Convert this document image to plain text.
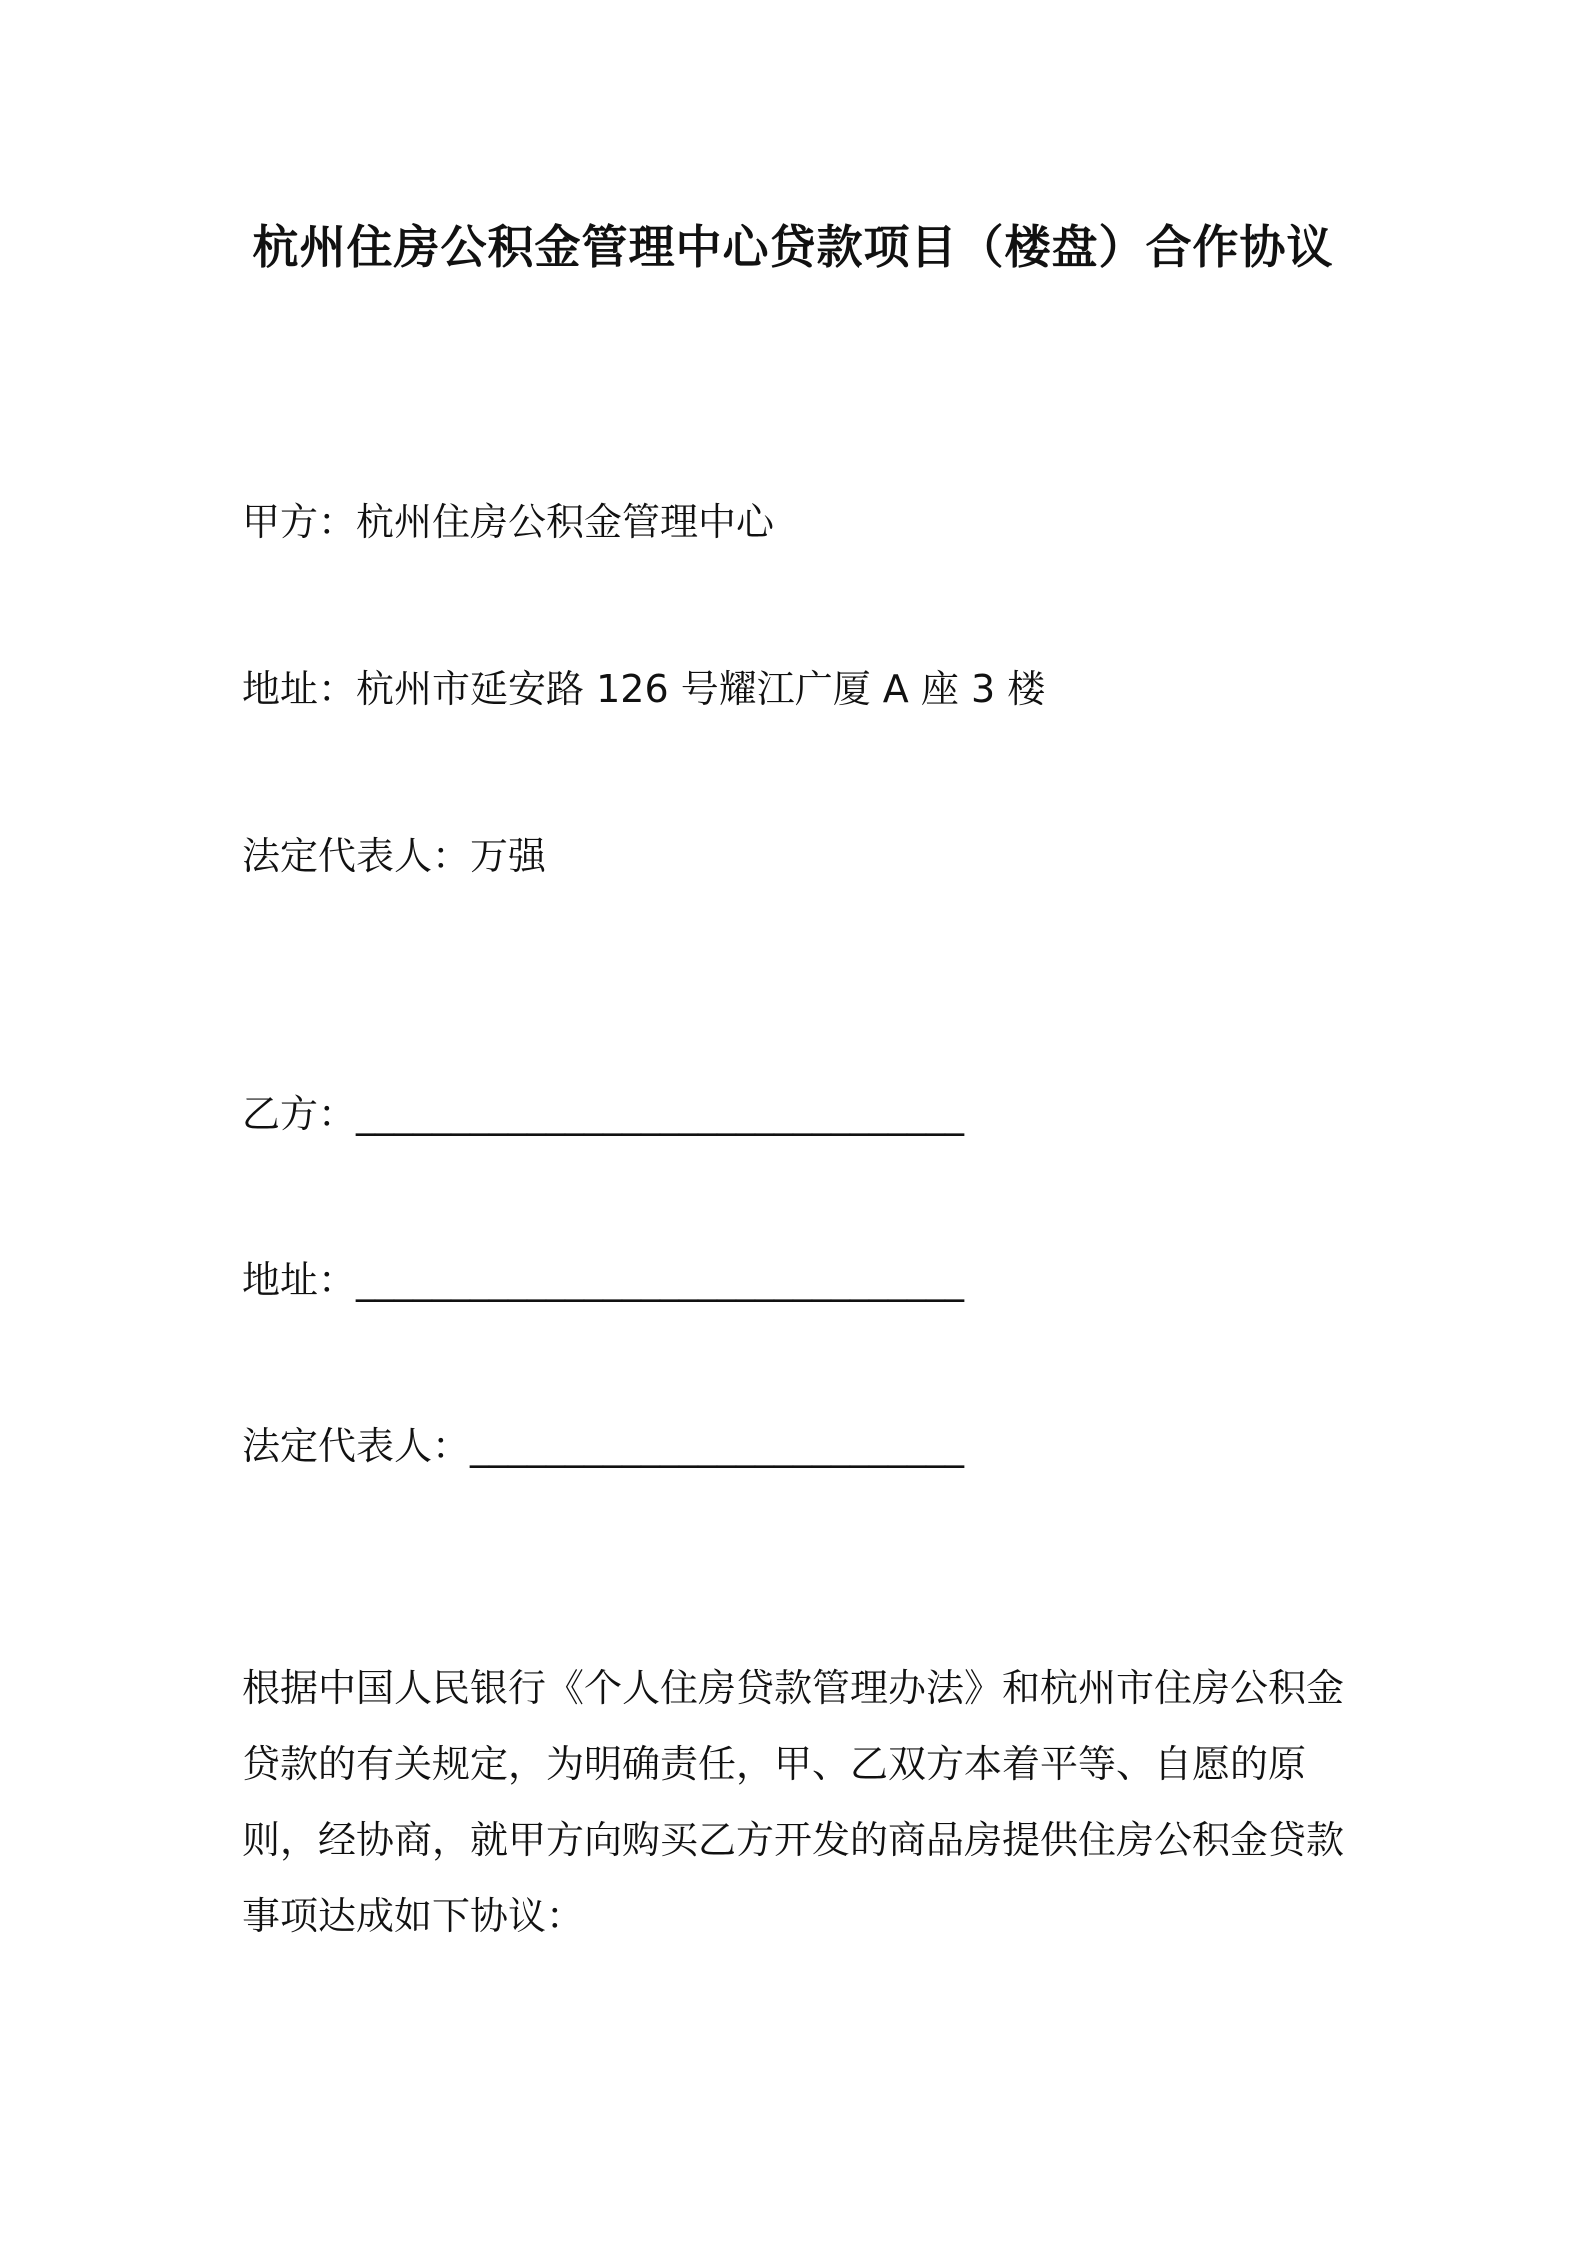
杭州住房公积金管理中心贷款项目（楼盘）合作协议
甲方：杭州住房公积金管理中心
地址：杭州市延安路 126 号耀江广厦 A 座 3 楼
法定代表人：万强
乙方：________________________________
地址：________________________________
法定代表人：__________________________

根据中国人民银行《个人住房贷款管理办法》和杭州市住房公积金贷款的有关规定，为明确责任，甲、乙双方本着平等、自愿的原则，经协商，就甲方向购买乙方开发的商品房提供住房公积金贷款事项达成如下协议：
